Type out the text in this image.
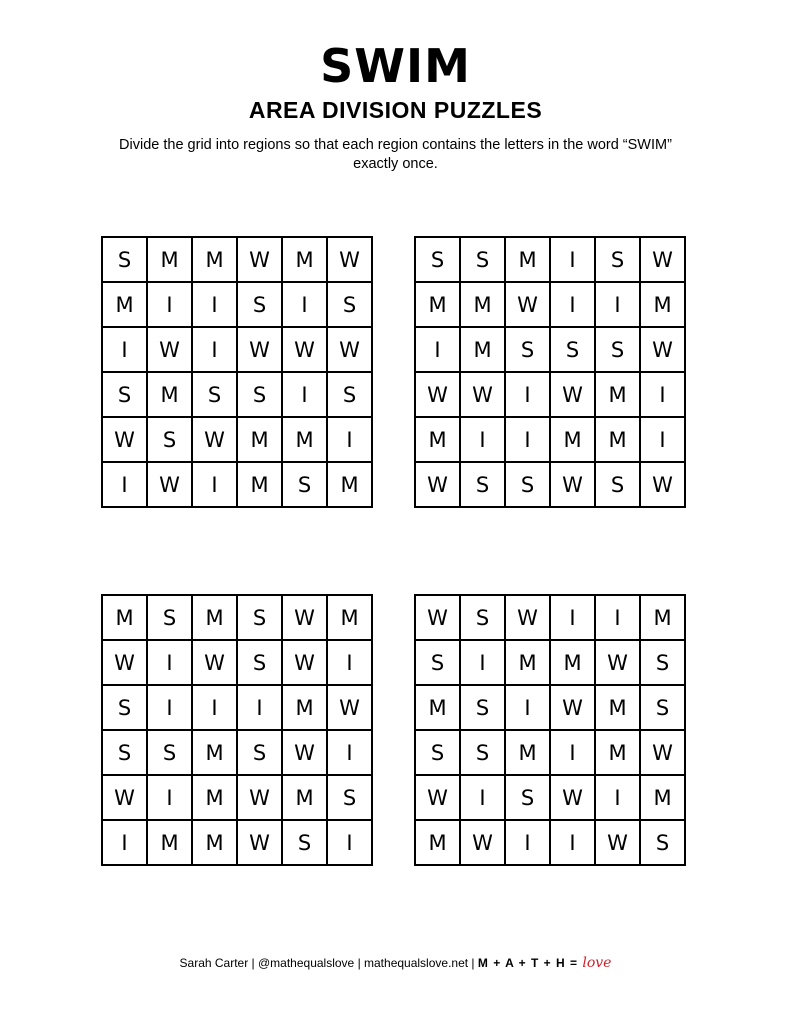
SWIM
AREA DIVISION PUZZLES

Divide the grid into regions so that each region contains the letters in the word “SWIM” exactly once.

S	M	M	W	M	W
M	I	I	S	I	S
I	W	I	W	W	W
S	M	S	S	I	S
W	S	W	M	M	I
I	W	I	M	S	M
S	S	M	I	S	W
M	M	W	I	I	M
I	M	S	S	S	W
W	W	I	W	M	I
M	I	I	M	M	I
W	S	S	W	S	W
M	S	M	S	W	M
W	I	W	S	W	I
S	I	I	I	M	W
S	S	M	S	W	I
W	I	M	W	M	S
I	M	M	W	S	I
W	S	W	I	I	M
S	I	M	M	W	S
M	S	I	W	M	S
S	S	M	I	M	W
W	I	S	W	I	M
M	W	I	I	W	S
Sarah Carter | @mathequalslove | mathequalslove.net | M + A + T + H = love
